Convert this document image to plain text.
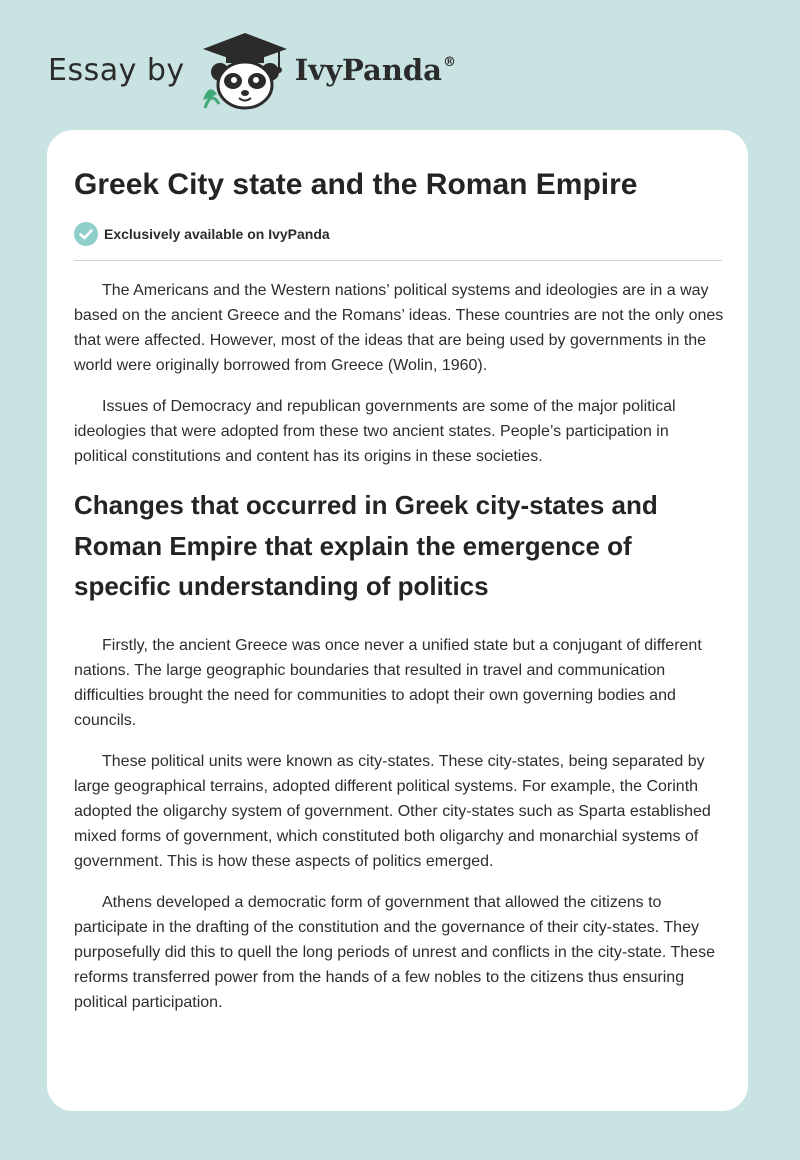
Essay by	IvyPanda®
Greek City state and the Roman Empire
Exclusively available on IvyPanda

The Americans and the Western nations’ political systems and ideologies are in a way based on the ancient Greece and the Romans’ ideas. These countries are not the only ones that were affected. However, most of the ideas that are being used by governments in the world were originally borrowed from Greece (Wolin, 1960).

Issues of Democracy and republican governments are some of the major political ideologies that were adopted from these two ancient states. People’s participation in political constitutions and content has its origins in these societies.

Changes that occurred in Greek city-states and Roman Empire that explain the emergence of specific understanding of politics

Firstly, the ancient Greece was once never a unified state but a conjugant of different nations. The large geographic boundaries that resulted in travel and communication difficulties brought the need for communities to adopt their own governing bodies and councils.

These political units were known as city-states. These city-states, being separated by large geographical terrains, adopted different political systems. For example, the Corinth adopted the oligarchy system of government. Other city-states such as Sparta established mixed forms of government, which constituted both oligarchy and monarchial systems of government. This is how these aspects of politics emerged.

Athens developed a democratic form of government that allowed the citizens to participate in the drafting of the constitution and the governance of their city-states. They purposefully did this to quell the long periods of unrest and conflicts in the city-state. These reforms transferred power from the hands of a few nobles to the citizens thus ensuring political participation.
